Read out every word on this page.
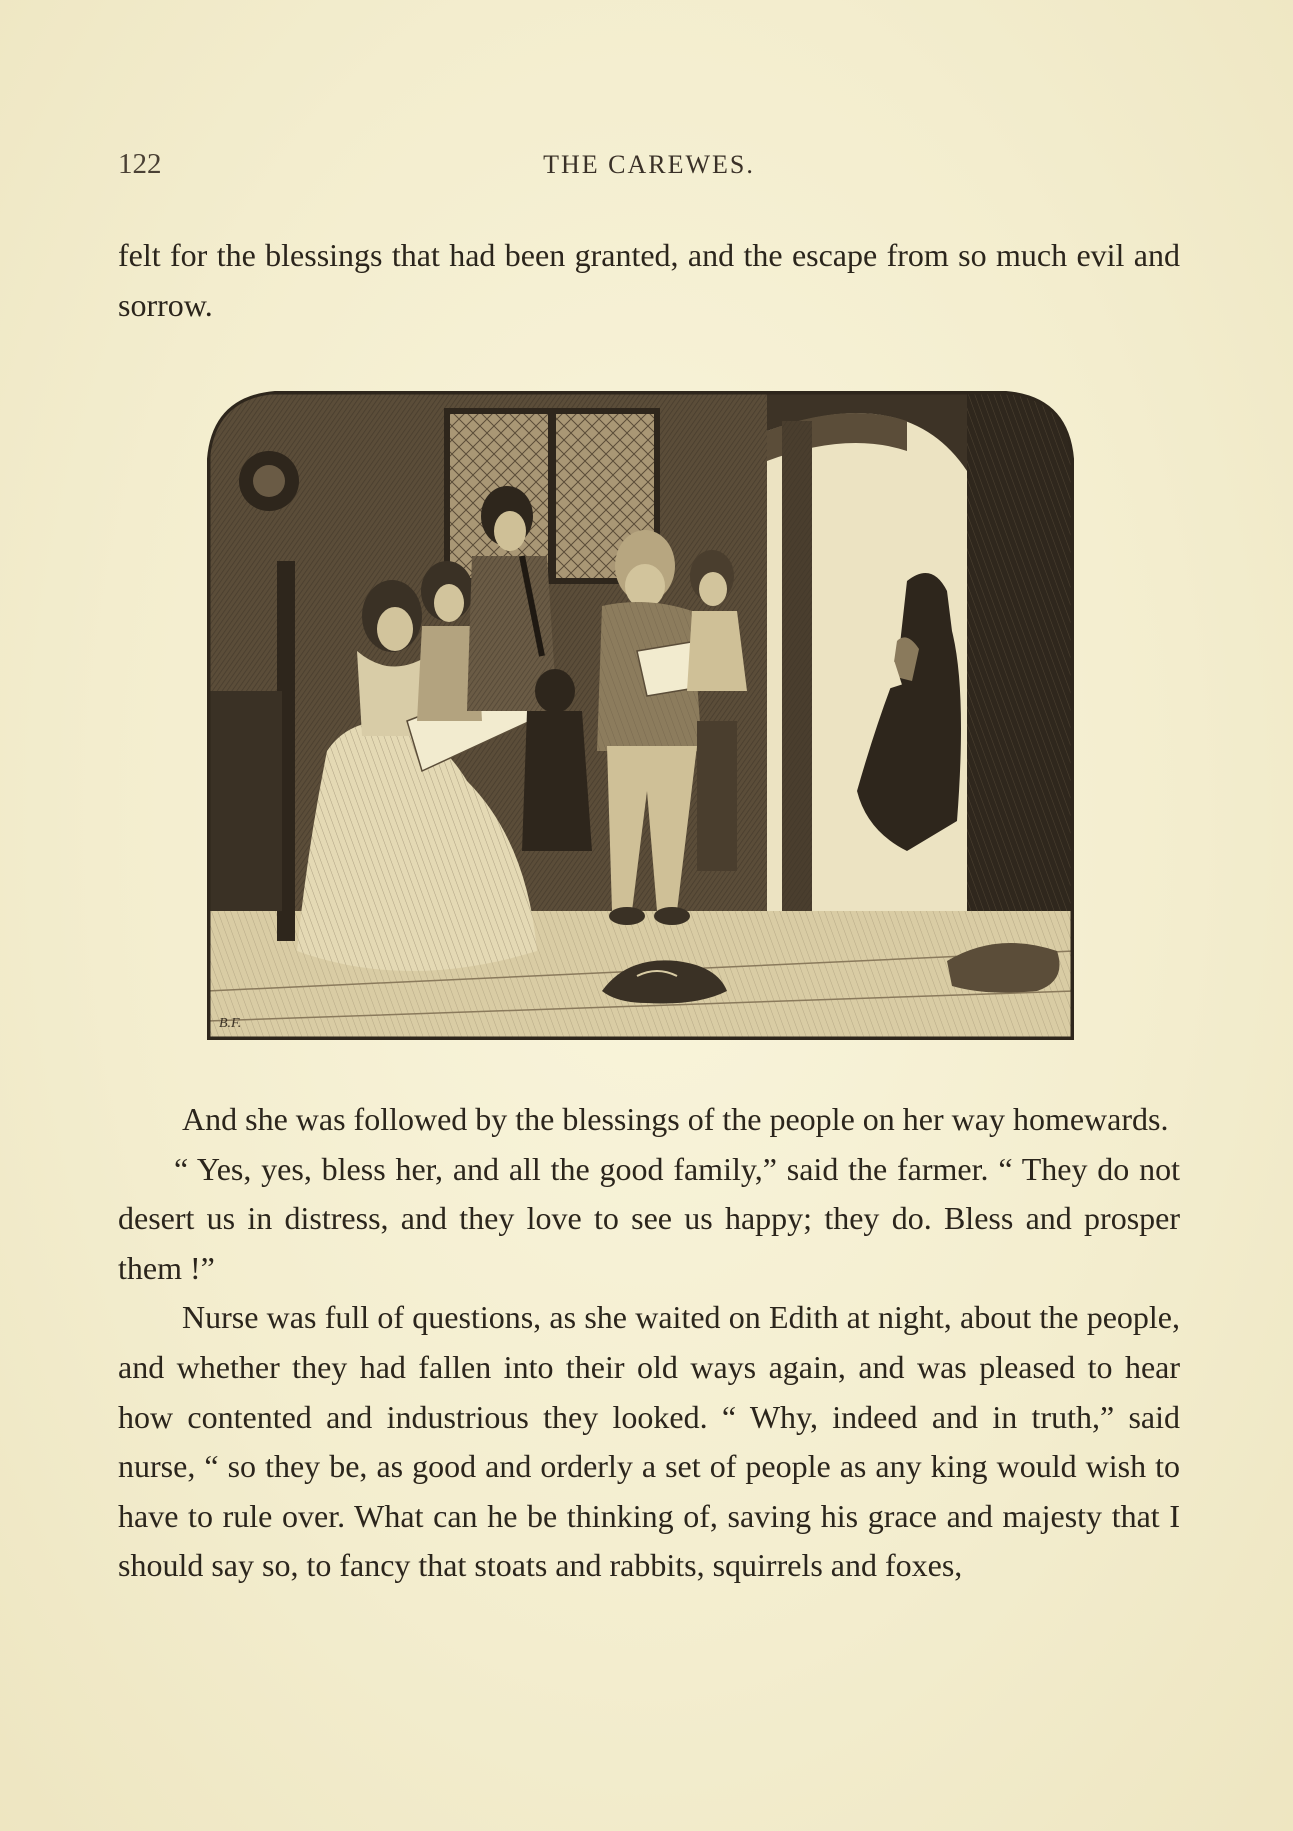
122	THE CAREWES.

felt for the blessings that had been granted, and the escape from so much evil and sorrow.

B.F.

And she was followed by the blessings of the people on her way homewards.

“ Yes, yes, bless her, and all the good family,” said the farmer. “ They do not desert us in distress, and they love to see us happy; they do. Bless and prosper them !”

Nurse was full of questions, as she waited on Edith at night, about the people, and whether they had fallen into their old ways again, and was pleased to hear how contented and industrious they looked. “ Why, indeed and in truth,” said nurse, “ so they be, as good and orderly a set of people as any king would wish to have to rule over. What can he be thinking of, saving his grace and majesty that I should say so, to fancy that stoats and rabbits, squirrels and foxes,
